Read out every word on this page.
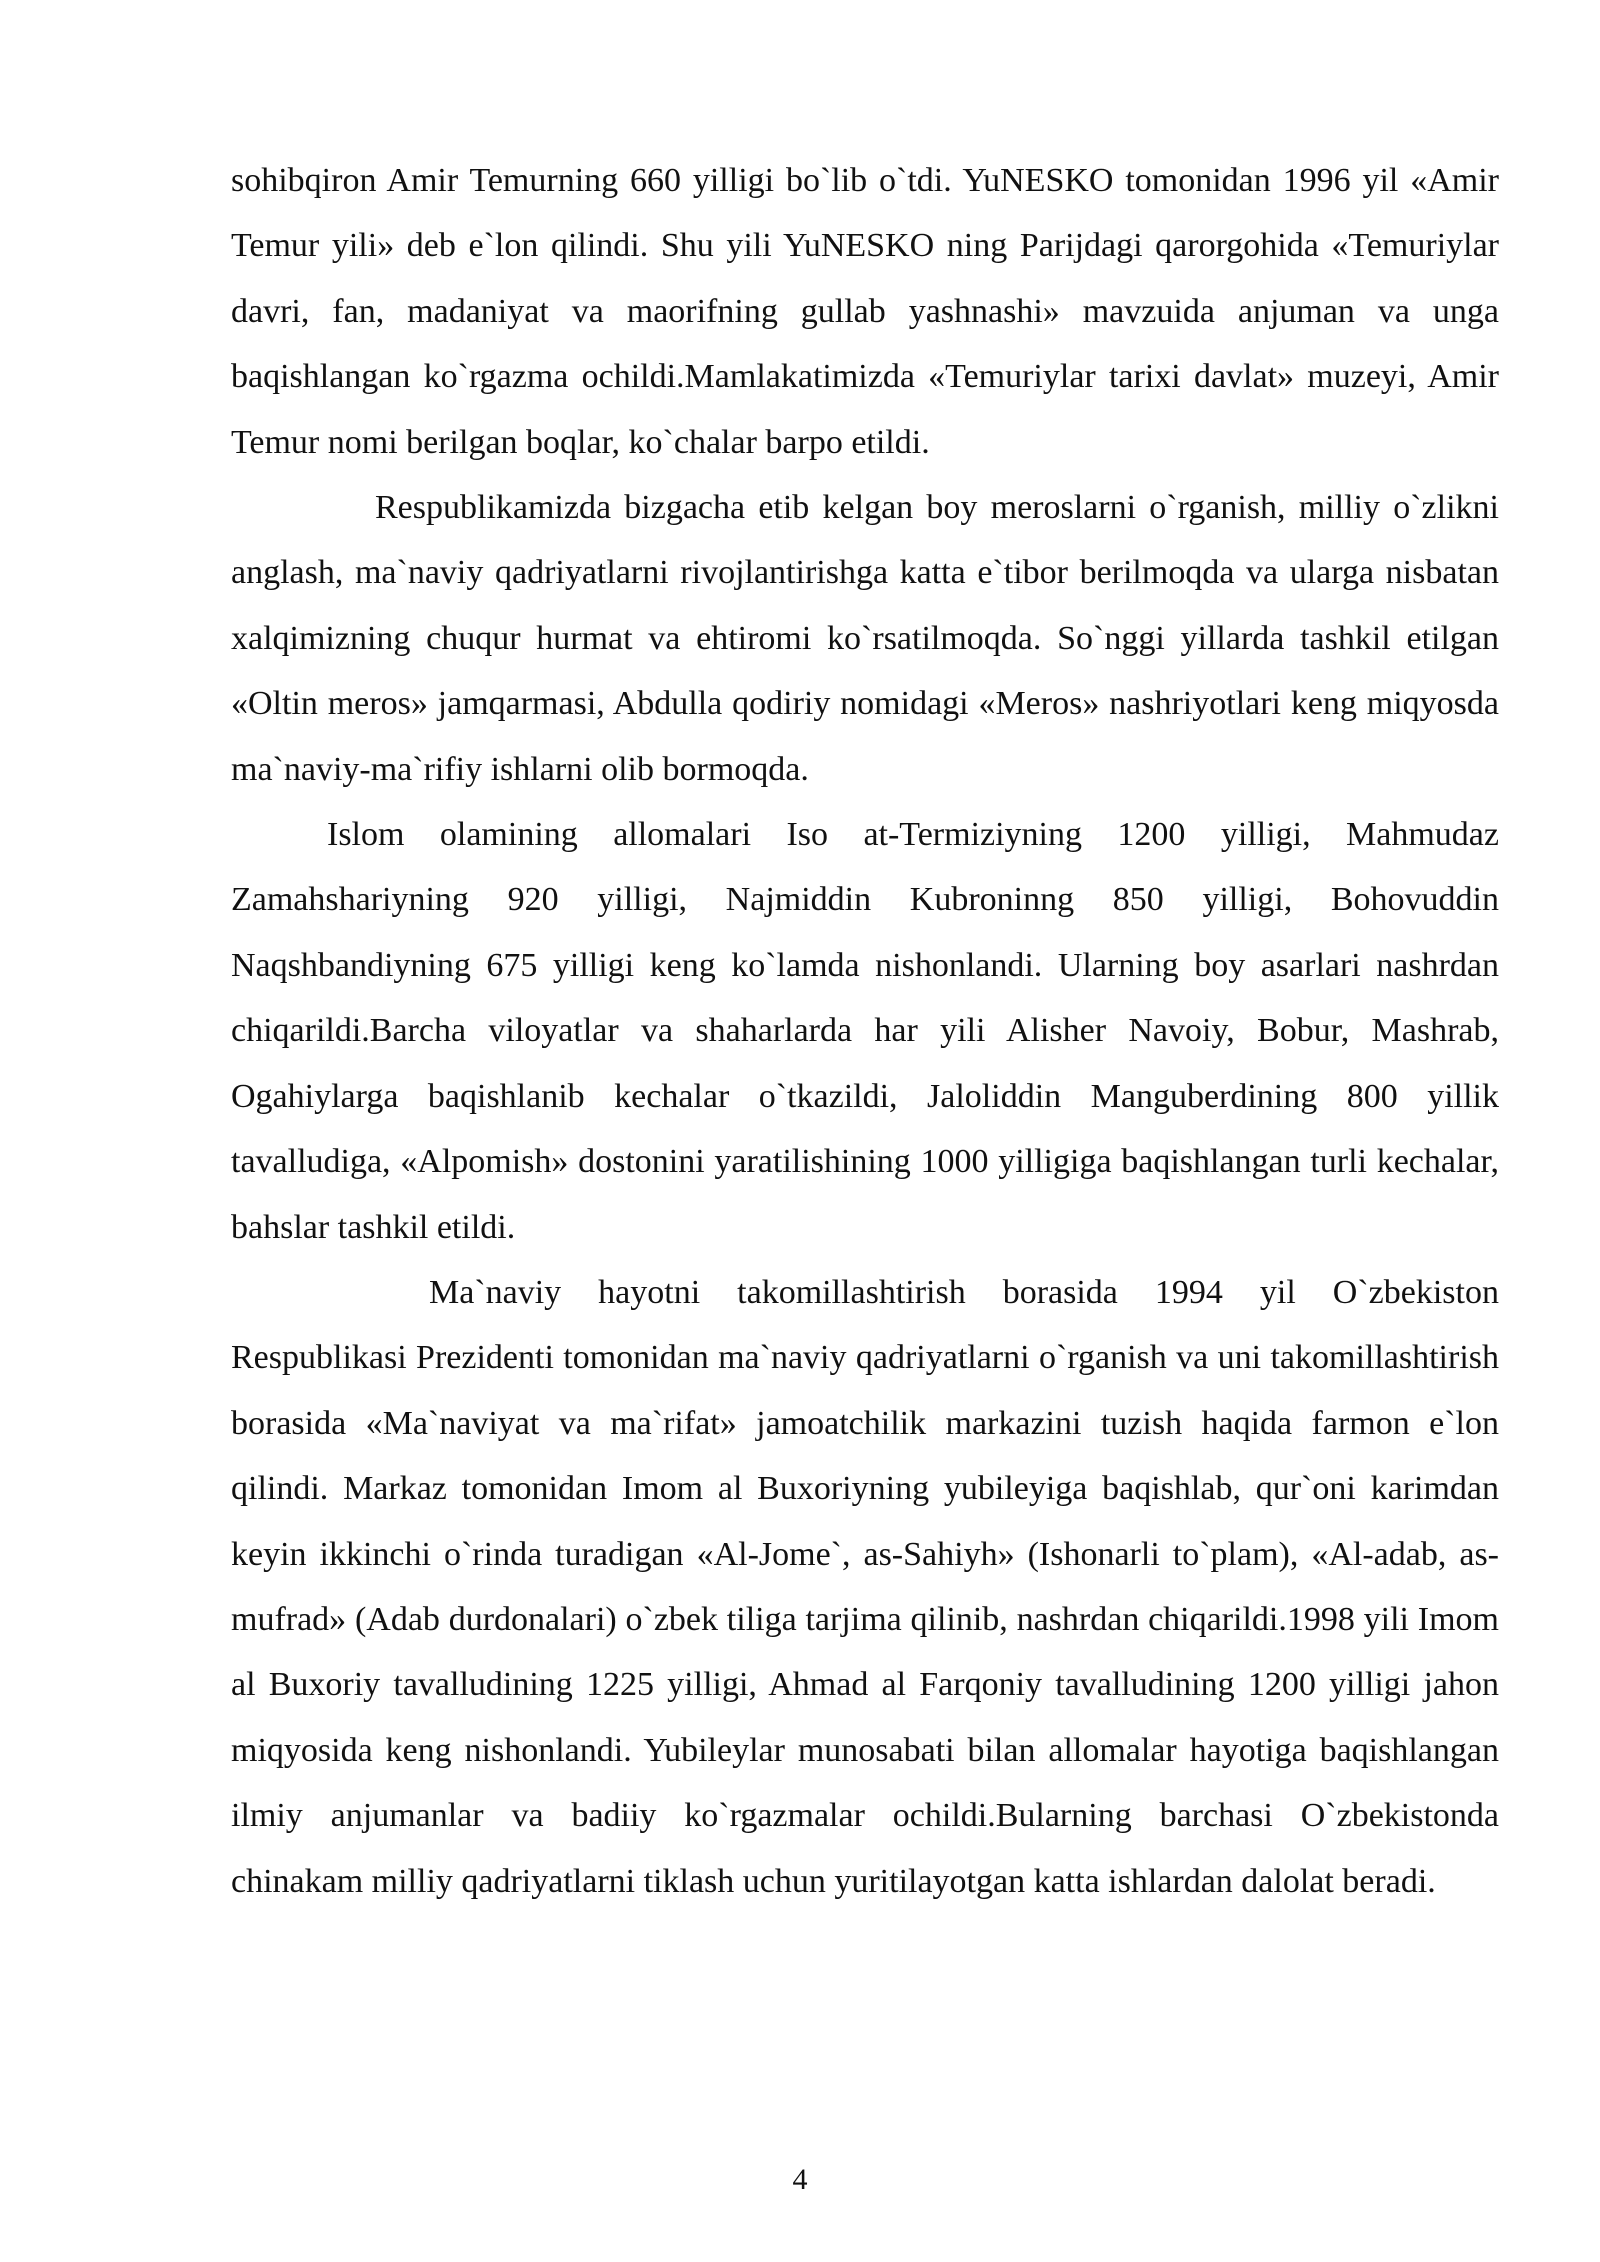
sohibqiron Amir Temurning 660 yilligi bo`lib o`tdi. YuNESKO tomonidan 1996 yil «Amir Temur yili» deb e`lon qilindi. Shu yili YuNESKO ning Parijdagi qarorgohida «Temuriylar davri, fan, madaniyat va maorifning gullab yashnashi» mavzuida anjuman va unga baqishlangan ko`rgazma ochildi.Mamlakatimizda «Temuriylar tarixi davlat» muzeyi, Amir Temur nomi berilgan boqlar, ko`chalar barpo etildi.

Respublikamizda bizgacha etib kelgan boy meroslarni o`rganish, milliy o`zlikni anglash, ma`naviy qadriyatlarni rivojlantirishga katta e`tibor berilmoqda va ularga nisbatan xalqimizning chuqur hurmat va ehtiromi ko`rsatilmoqda. So`nggi yillarda tashkil etilgan «Oltin meros» jamqarmasi, Abdulla qodiriy nomidagi «Meros» nashriyotlari keng miqyosda ma`naviy-ma`rifiy ishlarni olib bormoqda.

Islom olamining allomalari Iso at-Termiziyning 1200 yilligi, Mahmudaz Zamahshariyning 920 yilligi, Najmiddin Kubroninng 850 yilligi, Bohovuddin Naqshbandiyning 675 yilligi keng ko`lamda nishonlandi. Ularning boy asarlari nashrdan chiqarildi.Barcha viloyatlar va shaharlarda har yili Alisher Navoiy, Bobur, Mashrab, Ogahiylarga baqishlanib kechalar o`tkazildi, Jaloliddin Manguberdining 800 yillik tavalludiga, «Alpomish» dostonini yaratilishining 1000 yilligiga baqishlangan turli kechalar, bahslar tashkil etildi.

Ma`naviy hayotni takomillashtirish borasida 1994 yil O`zbekiston Respublikasi Prezidenti tomonidan ma`naviy qadriyatlarni o`rganish va uni takomillashtirish borasida «Ma`naviyat va ma`rifat» jamoatchilik markazini tuzish haqida farmon e`lon qilindi. Markaz tomonidan Imom al Buxoriyning yubileyiga baqishlab, qur`oni karimdan keyin ikkinchi o`rinda turadigan «Al-Jome`, as-Sahiyh» (Ishonarli to`plam), «Al-adab, as-mufrad» (Adab durdonalari) o`zbek tiliga tarjima qilinib, nashrdan chiqarildi.1998 yili Imom al Buxoriy tavalludining 1225 yilligi, Ahmad al Farqoniy tavalludining 1200 yilligi jahon miqyosida keng nishonlandi. Yubileylar munosabati bilan allomalar hayotiga baqishlangan ilmiy anjumanlar va badiiy ko`rgazmalar ochildi.Bularning barchasi O`zbekistonda chinakam milliy qadriyatlarni tiklash uchun yuritilayotgan katta ishlardan dalolat beradi.

4
